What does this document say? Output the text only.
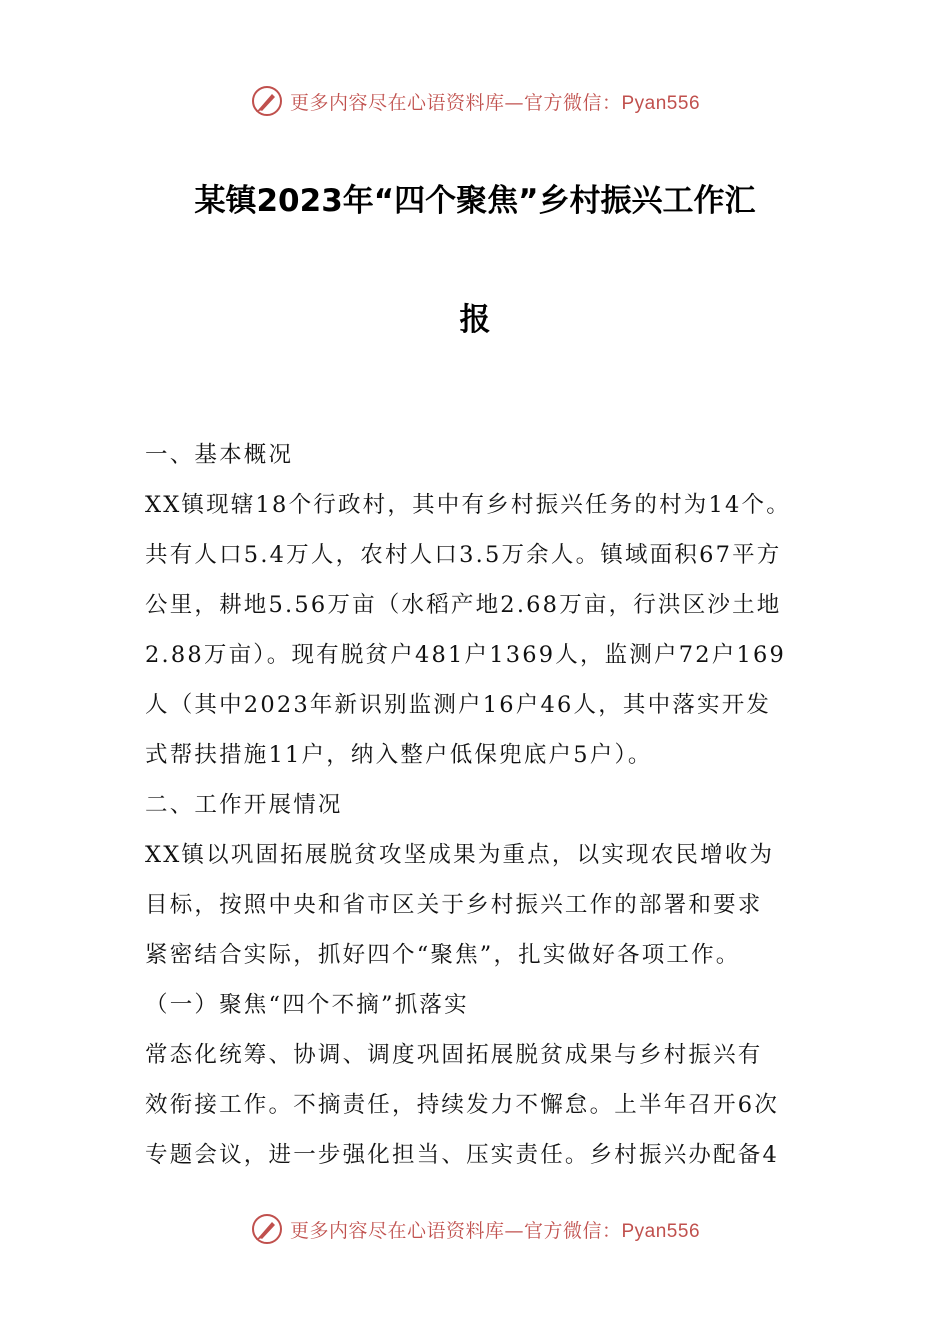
更多内容尽在心语资料库—官方微信：Pyan556
某镇2023年“四个聚焦”乡村振兴工作汇
报
一、基本概况
XX镇现辖18个行政村，其中有乡村振兴任务的村为14个。
共有人口5.4万人，农村人口3.5万余人。镇域面积67平方
公里，耕地5.56万亩（水稻产地2.68万亩，行洪区沙土地
2.88万亩）。现有脱贫户481户1369人，监测户72户169
人（其中2023年新识别监测户16户46人，其中落实开发
式帮扶措施11户，纳入整户低保兜底户5户）。
二、工作开展情况
XX镇以巩固拓展脱贫攻坚成果为重点，以实现农民增收为
目标，按照中央和省市区关于乡村振兴工作的部署和要求
紧密结合实际，抓好四个“聚焦”，扎实做好各项工作。
（一）聚焦“四个不摘”抓落实
常态化统筹、协调、调度巩固拓展脱贫成果与乡村振兴有
效衔接工作。不摘责任，持续发力不懈怠。上半年召开6次
专题会议，进一步强化担当、压实责任。乡村振兴办配备4
更多内容尽在心语资料库—官方微信：Pyan556
